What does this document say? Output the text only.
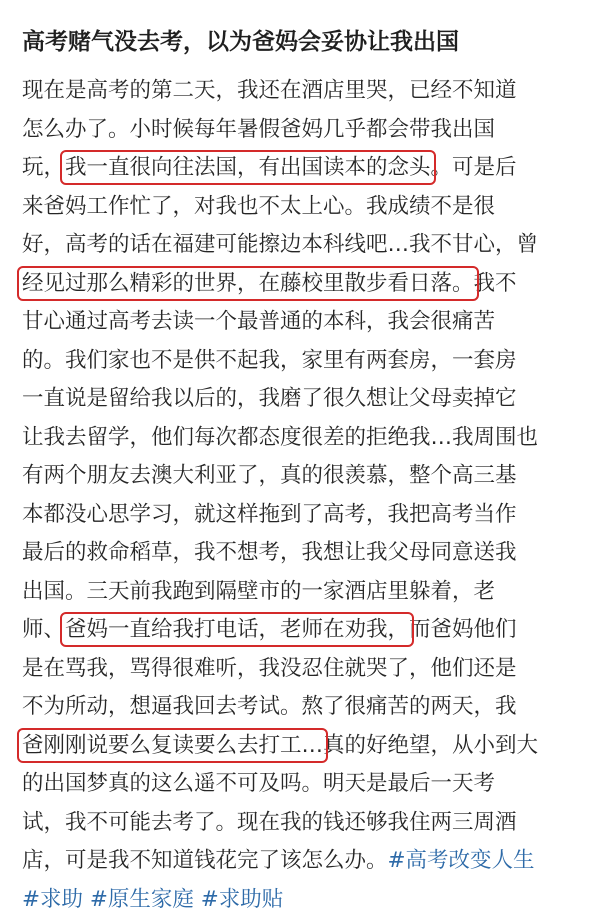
高考赌气没去考，以为爸妈会妥协让我出国
现在是高考的第二天，我还在酒店里哭，已经不知道
怎么办了。小时候每年暑假爸妈几乎都会带我出国
玩，我一直很向往法国，有出国读本的念头。可是后
来爸妈工作忙了，对我也不太上心。我成绩不是很
好，高考的话在福建可能擦边本科线吧…我不甘心，曾
经见过那么精彩的世界，在藤校里散步看日落。我不
甘心通过高考去读一个最普通的本科，我会很痛苦
的。我们家也不是供不起我，家里有两套房，一套房
一直说是留给我以后的，我磨了很久想让父母卖掉它
让我去留学，他们每次都态度很差的拒绝我…我周围也
有两个朋友去澳大利亚了，真的很羡慕，整个高三基
本都没心思学习，就这样拖到了高考，我把高考当作
最后的救命稻草，我不想考，我想让我父母同意送我
出国。三天前我跑到隔壁市的一家酒店里躲着，老
师、爸妈一直给我打电话，老师在劝我，而爸妈他们
是在骂我，骂得很难听，我没忍住就哭了，他们还是
不为所动，想逼我回去考试。熬了很痛苦的两天，我
爸刚刚说要么复读要么去打工…真的好绝望，从小到大
的出国梦真的这么遥不可及吗。明天是最后一天考
试，我不可能去考了。现在我的钱还够我住两三周酒
店，可是我不知道钱花完了该怎么办。#高考改变人生
#求助 #原生家庭 #求助贴
